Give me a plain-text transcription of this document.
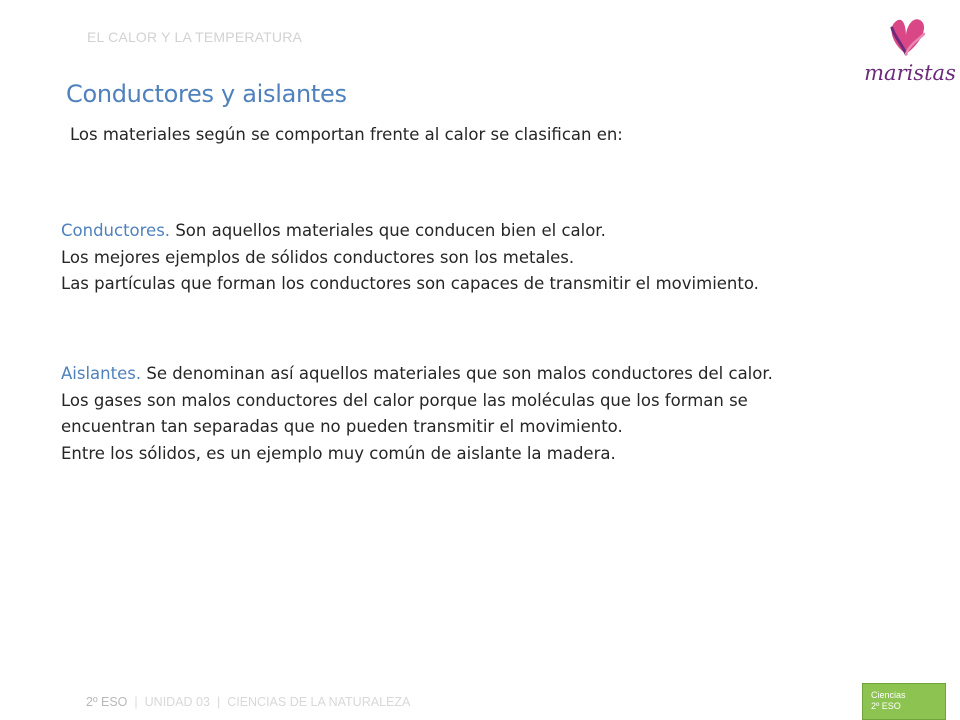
EL CALOR Y LA TEMPERATURA
maristas
Conductores y aislantes
Los materiales según se comportan frente al calor se clasifican en:

Conductores. Son aquellos materiales que conducen bien el calor.

Los mejores ejemplos de sólidos conductores son los metales.

Las partículas que forman los conductores son capaces de transmitir el movimiento.

Aislantes. Se denominan así aquellos materiales que son malos conductores del calor.

Los gases son malos conductores del calor porque las moléculas que los forman se encuentran tan separadas que no pueden transmitir el movimiento.

Entre los sólidos, es un ejemplo muy común de aislante la madera.

2º ESO | UNIDAD 03 | CIENCIAS DE LA NATURALEZA	Ciencias
2º ESO
